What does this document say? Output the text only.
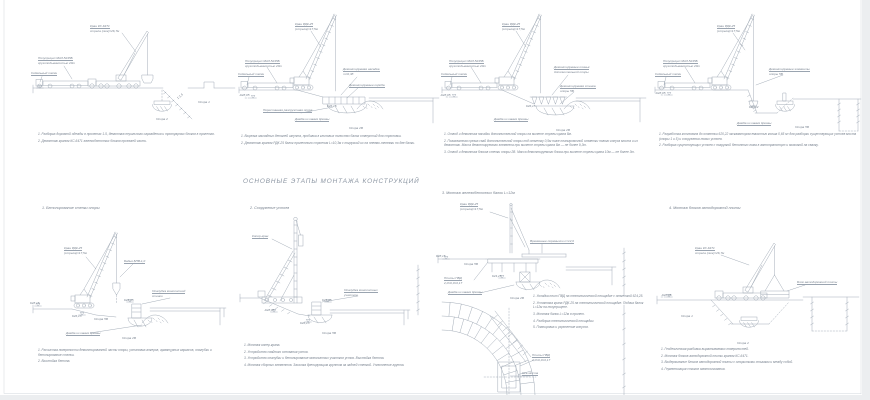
ОСНОВНЫЕ ЭТАПЫ МОНТАЖА КОНСТРУКЦИЙ
Кран КС-6471
стрела (люк)=26,7м
Полуприцеп МАЗ-5245Б
грузоподъемностью 20т
Седельный тягач
1:1,5
Опора 1
Опора 2
1. Разборка дорожной одежды в пролетах 1-5, демонтаж перильного ограждения и тротуарных блоков в пролетах.
2. Демонтаж краном КС-6471 железобетонных блоков проезжей части.
Кран РДК-25
(стрела)=17,5м
Полуприцеп МАЗ-5245Б
грузоподъемностью 20т
Седельный тягач
Демонтируемая насадка
т=0,38
Демонтируемые короба
Переставная разгрузочная опора
626,15
-628,05
Дамба из камня дресвы
Опора 2В
1. Вырезка закладных деталей шпунта, пробивка в клиновых полостях балок отверстий для строповки.
2. Демонтаж краном РДК-25 балок пролетного строения L=10,3м с погрузкой их на пневмо-тележки по две балки.
Кран РДК-25
(стрела)=17,5м
Полуприцеп МАЗ-5245Б
грузоподъемностью 20т
Седельный тягач
Демонтируемые клинья
дополнительной опоры
Демонтируемая стенка
опоры 5В
626,15
-628,05
Дамба из камня дресвы
Опора 2В
1. Отвод и демонтаж насадки дополнительной опоры на вылете стрелы крана 8м.
2. Позахватная срезка свай дополнительной опоры под отметку 0,5м ниже планировочной отметки нового конуса моста и их демонтаж. Масса демонтируемого элемента при вылете стрелы крана 8м — не более 9,3т.
3. Отвод и демонтаж блоков стенки опоры 2В. Масса демонтируемого блока при вылете стрелы крана 10м — не более 3т.
Кран РДК-25
(стрела)=17,5м
Полуприцеп МАЗ-5245Б
грузоподъемностью 20т
Седельный тягач
Демонтируемые элементы
опоры 5В
-628,05
620,22
Дамба из камня дресвы
Опора 5В
1. Разработка котлована до отметки 620,22 экскаватором емкостью ковша 0,65 м³ для разборки существующих устоев моста (опоры 1 и 5) и сооружения новых устоев.
2. Разборка существующих устоев с погрузкой бетонного лома в автотранспорт и вывозкой на свалку.
1. Бетонирование стенки опоры
Кран РДК-25
(стрела)=17,5м
Бадья БПВ-1,0
Опалубка монолитной
стенки
626,15
628,15
626,13
Опора 5В
Дамба из камня дресвы
Опора 2В
1. Расчистка поверхности демонтированной части опоры, установка анкеров, арматурных каркасов, опалубки и бетонирование стенки.
2. Выстойка бетона.
2. Сооружение устоев
Копер-кран
Опалубка монолитных
участков
626,15
-628,05
626,13
Опора 5В
1. Монтаж копер-крана.
2. Устройство свайного основания устоя.
3. Устройство опалубки и бетонирование монолитных участков устоя. Выстойка бетона.
4. Монтаж сборных элементов. Засыпка дренирующим грунтом за задней стенкой. Уплотнение грунта.
3. Монтаж железобетонных балок L=12м
Кран РДК-25
(стрела)=17,5м
Временные перемычки L=12,0
628,15
Опора 5В
Плиты ПВД
2,0×6,0×0,17
624,25
Дамба из камня дресвы
Опора 2В
Плиты ПВД
2,0×6,0×0,17
Ось моста
1. Укладка плит ПВД на технологической площадке с отметкой 624,25.
2. Установка крана РДК-25 на технологической площадке. Подача балок L=12м на полуприцепе.
3. Монтаж балок L=12м в пролет.
4. Разборка технологической площадки.
5. Планировка и укрепление конусов.
4. Монтаж блоков автодорожной плиты
Кран КС-6471
стрела (люк)=26,7м
Блок автодорожной плиты
-628,05
Опора 1
Опора 2
1. Геодезическая разбивка выравниваемых поверхностей.
2. Монтаж блоков автодорожной плиты краном КС-6471.
3. Выдерживание блоков автодорожной плиты с открытыми стыками и между собой.
4. Герметизация стыков омоноличивания.
